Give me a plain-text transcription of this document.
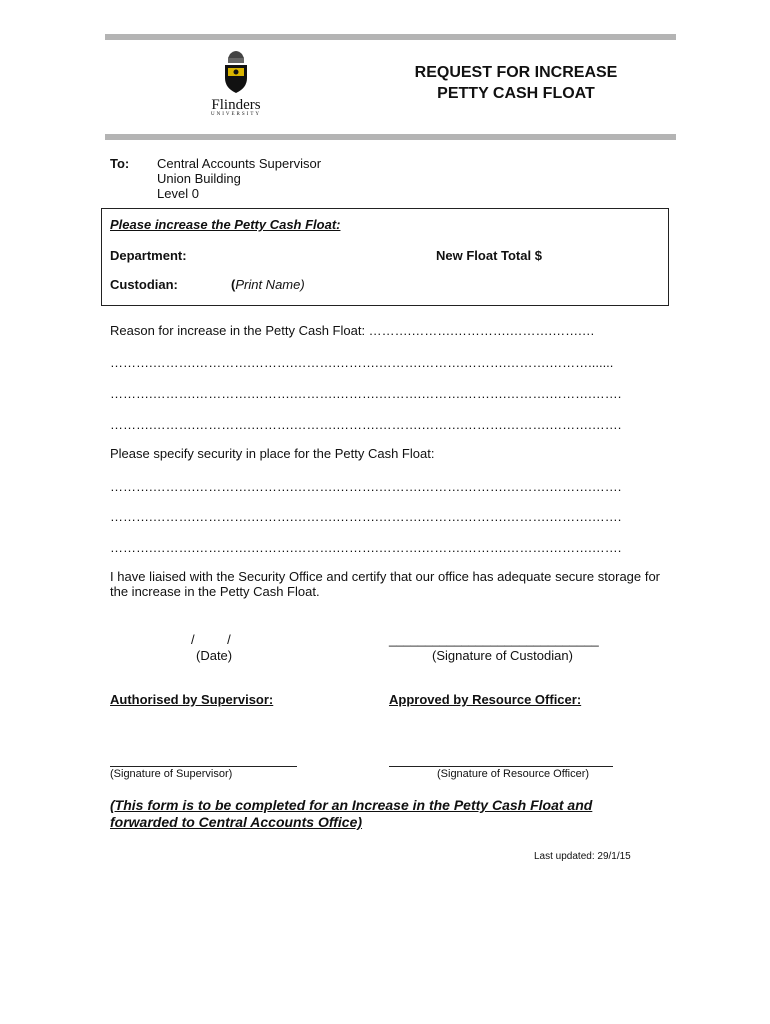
Flinders
UNIVERSITY
REQUEST FOR INCREASE
PETTY CASH FLOAT
To: Central Accounts Supervisor
Union Building
Level 0
Please increase the Petty Cash Float:
Department:	New Float Total $
Custodian:	(Print Name)
Reason for increase in the Petty Cash Float: ……….……….………….……….…….…
……….……….………….……….……….……….……….……….……….……….……….......
……….……….………….……….……….……….……….……….……….……….……….…….
……….……….………….……….……….……….……….……….……….……….……….…….
Please specify security in place for the Petty Cash Float:
……….……….………….……….……….……….……….……….……….……….……….…….
……….……….………….……….……….……….……….……….……….……….……….…….
……….……….………….……….……….……….……….……….……….……….……….…….
I have liaised with the Security Office and certify that our office has adequate secure storage for the increase in the Petty Cash Float.
/         /
(Date)
_____________________________
(Signature of Custodian)
Authorised by Supervisor:	Approved by Resource Officer:
(Signature of Supervisor)	(Signature of Resource Officer)
(This form is to be completed for an Increase in the Petty Cash Float and forwarded to Central Accounts Office)
Last updated: 29/1/15
